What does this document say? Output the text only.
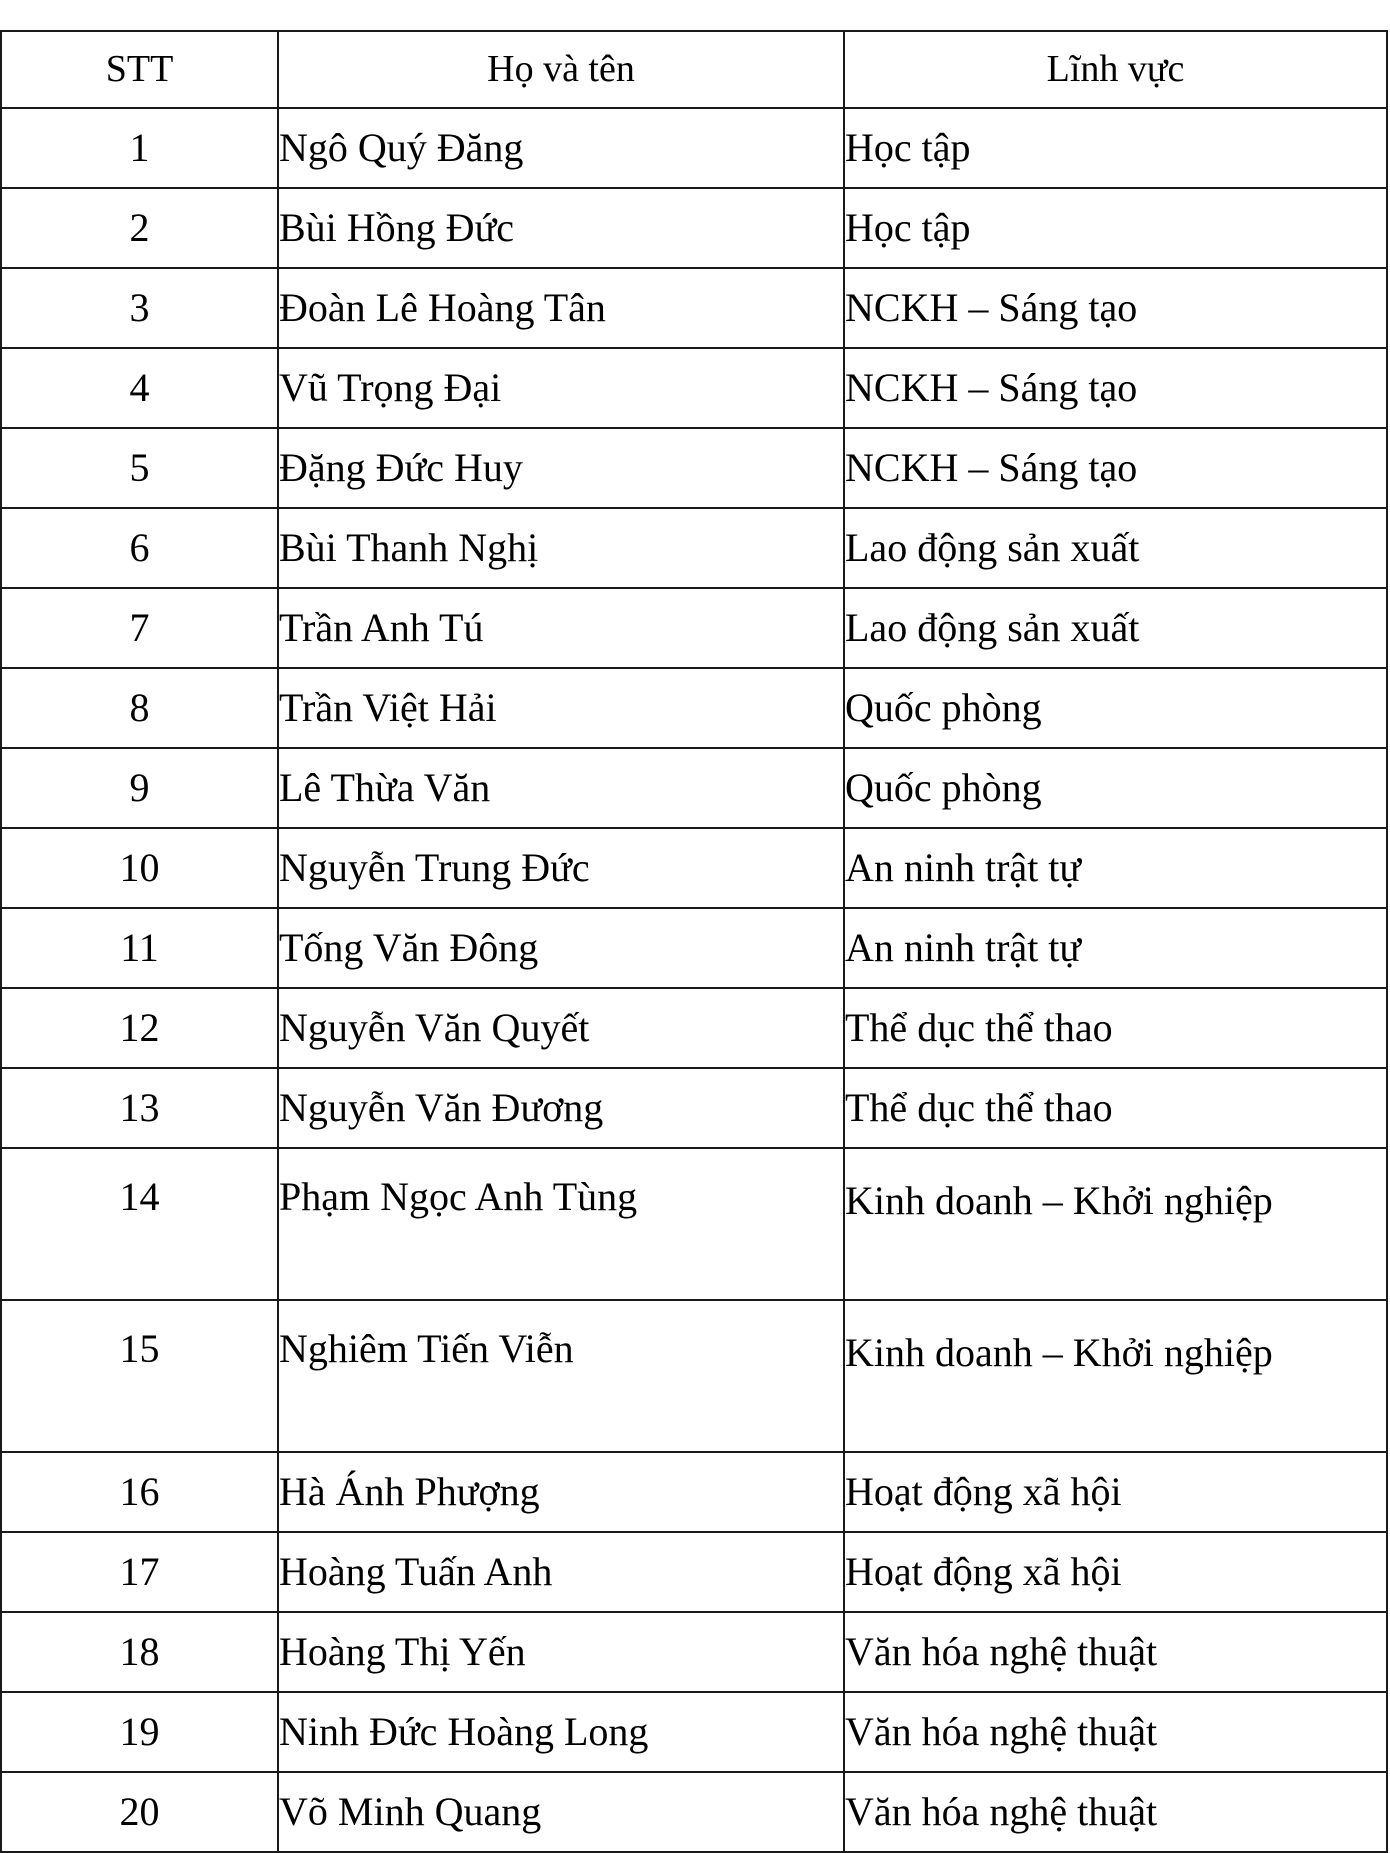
STT	Họ và tên	Lĩnh vực
1	Ngô Quý Đăng	Học tập
2	Bùi Hồng Đức	Học tập
3	Đoàn Lê Hoàng Tân	NCKH – Sáng tạo
4	Vũ Trọng Đại	NCKH – Sáng tạo
5	Đặng Đức Huy	NCKH – Sáng tạo
6	Bùi Thanh Nghị	Lao động sản xuất
7	Trần Anh Tú	Lao động sản xuất
8	Trần Việt Hải	Quốc phòng
9	Lê Thừa Văn	Quốc phòng
10	Nguyễn Trung Đức	An ninh trật tự
11	Tống Văn Đông	An ninh trật tự
12	Nguyễn Văn Quyết	Thể dục thể thao
13	Nguyễn Văn Đương	Thể dục thể thao
14	Phạm Ngọc Anh Tùng	Kinh doanh – Khởi nghiệp
15	Nghiêm Tiến Viễn	Kinh doanh – Khởi nghiệp
16	Hà Ánh Phượng	Hoạt động xã hội
17	Hoàng Tuấn Anh	Hoạt động xã hội
18	Hoàng Thị Yến	Văn hóa nghệ thuật
19	Ninh Đức Hoàng Long	Văn hóa nghệ thuật
20	Võ Minh Quang	Văn hóa nghệ thuật
